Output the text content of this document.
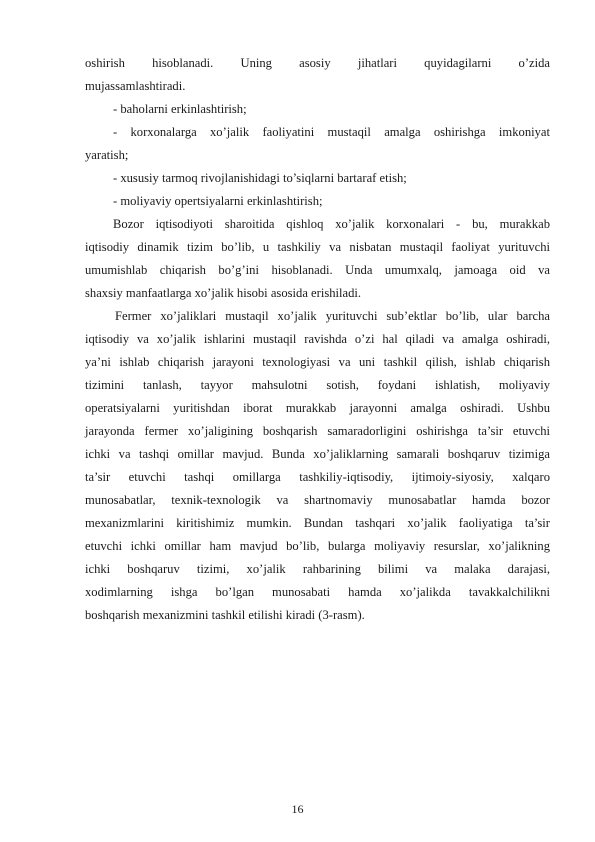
oshirish hisoblanadi. Uning asosiy jihatlari quyidagilarni o’zida
mujassamlashtiradi.
- baholarni erkinlashtirish;
- korxonalarga xo’jalik faoliyatini mustaqil amalga oshirishga imkoniyat
yaratish;
- xususiy tarmoq rivojlanishidagi to’siqlarni bartaraf etish;
- moliyaviy opertsiyalarni erkinlashtirish;
Bozor iqtisodiyoti sharoitida qishloq xo’jalik korxonalari - bu, murakkab
iqtisodiy dinamik tizim bo’lib, u tashkiliy va nisbatan mustaqil faoliyat yurituvchi
umumishlab chiqarish bo’g’ini hisoblanadi. Unda umumxalq, jamoaga oid va
shaxsiy manfaatlarga xo’jalik hisobi asosida erishiladi.
Fermer xo’jaliklari mustaqil xo’jalik yurituvchi sub’ektlar bo’lib, ular barcha
iqtisodiy va xo’jalik ishlarini mustaqil ravishda o’zi hal qiladi va amalga oshiradi,
ya’ni ishlab chiqarish jarayoni texnologiyasi va uni tashkil qilish, ishlab chiqarish
tizimini tanlash, tayyor mahsulotni sotish, foydani ishlatish, moliyaviy
operatsiyalarni yuritishdan iborat murakkab jarayonni amalga oshiradi. Ushbu
jarayonda fermer xo’jaligining boshqarish samaradorligini oshirishga ta’sir etuvchi
ichki va tashqi omillar mavjud. Bunda xo’jaliklarning samarali boshqaruv tizimiga
ta’sir etuvchi tashqi omillarga tashkiliy-iqtisodiy, ijtimoiy-siyosiy, xalqaro
munosabatlar, texnik-texnologik va shartnomaviy munosabatlar hamda bozor
mexanizmlarini kiritishimiz mumkin. Bundan tashqari xo’jalik faoliyatiga ta’sir
etuvchi ichki omillar ham mavjud bo’lib, bularga moliyaviy resurslar, xo’jalikning
ichki boshqaruv tizimi, xo’jalik rahbarining bilimi va malaka darajasi,
xodimlarning ishga bo’lgan munosabati hamda xo’jalikda tavakkalchilikni
boshqarish mexanizmini tashkil etilishi kiradi (3-rasm).
16
